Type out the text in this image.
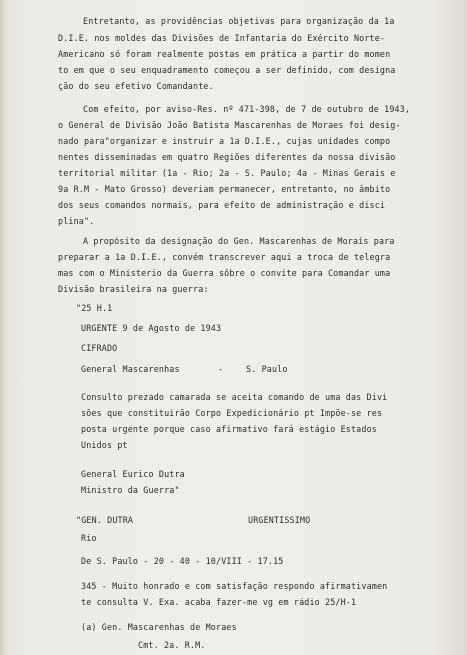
Entretanto, as providências objetivas para organização da 1a
D.I.E. nos moldes das Divisões de Infantaria do Exército Norte-
Americano só foram realmente postas em prática a partir do momen
to em que o seu enquadramento começou a ser definido, com designa
ção do seu efetivo Comandante.
Com efeito, por aviso-Res. nº 471-398, de 7 de outubro de 1943,
o General de Divisão João Batista Mascarenhas de Moraes foi desig-
nado para"organizar e instruir a 1a D.I.E., cujas unidades compo
nentes disseminadas em quatro Regiões diferentes da nossa divisão
territorial militar (1a - Rio; 2a - S. Paulo; 4a - Minas Gerais e
9a R.M - Mato Grosso) deveriam permanecer, entretanto, no âmbito
dos seus comandos normais, para efeito de administração e disci
plina".
A propósito da designação do Gen. Mascarenhas de Morais para
preparar a 1a D.I.E., convém transcrever aqui a troca de telegra
mas com o Ministerio da Guerra sôbre o convite para Comandar uma
Divisão brasileira na guerra:
"25 H.1
URGENTE 9 de Agosto de 1943
CIFRADO
General Mascarenhas	-	S. Paulo
Consulto prezado camarada se aceita comando de uma das Divi
sões que constituirão Corpo Expedicionário pt Impõe-se res
posta urgente porque caso afirmativo fará estágio Estados
Unidos pt
General Eurico Dutra
Ministro da Guerra"
"GEN. DUTRA	URGENTISSIMO
Rio
De S. Paulo - 20 - 40 - 10/VIII - 17.15
345 - Muito honrado e com satisfação respondo afirmativamen
te consulta V. Exa. acaba fazer-me vg em rádio 25/H-1
(a) Gen. Mascarenhas de Moraes
Cmt. 2a. R.M.
